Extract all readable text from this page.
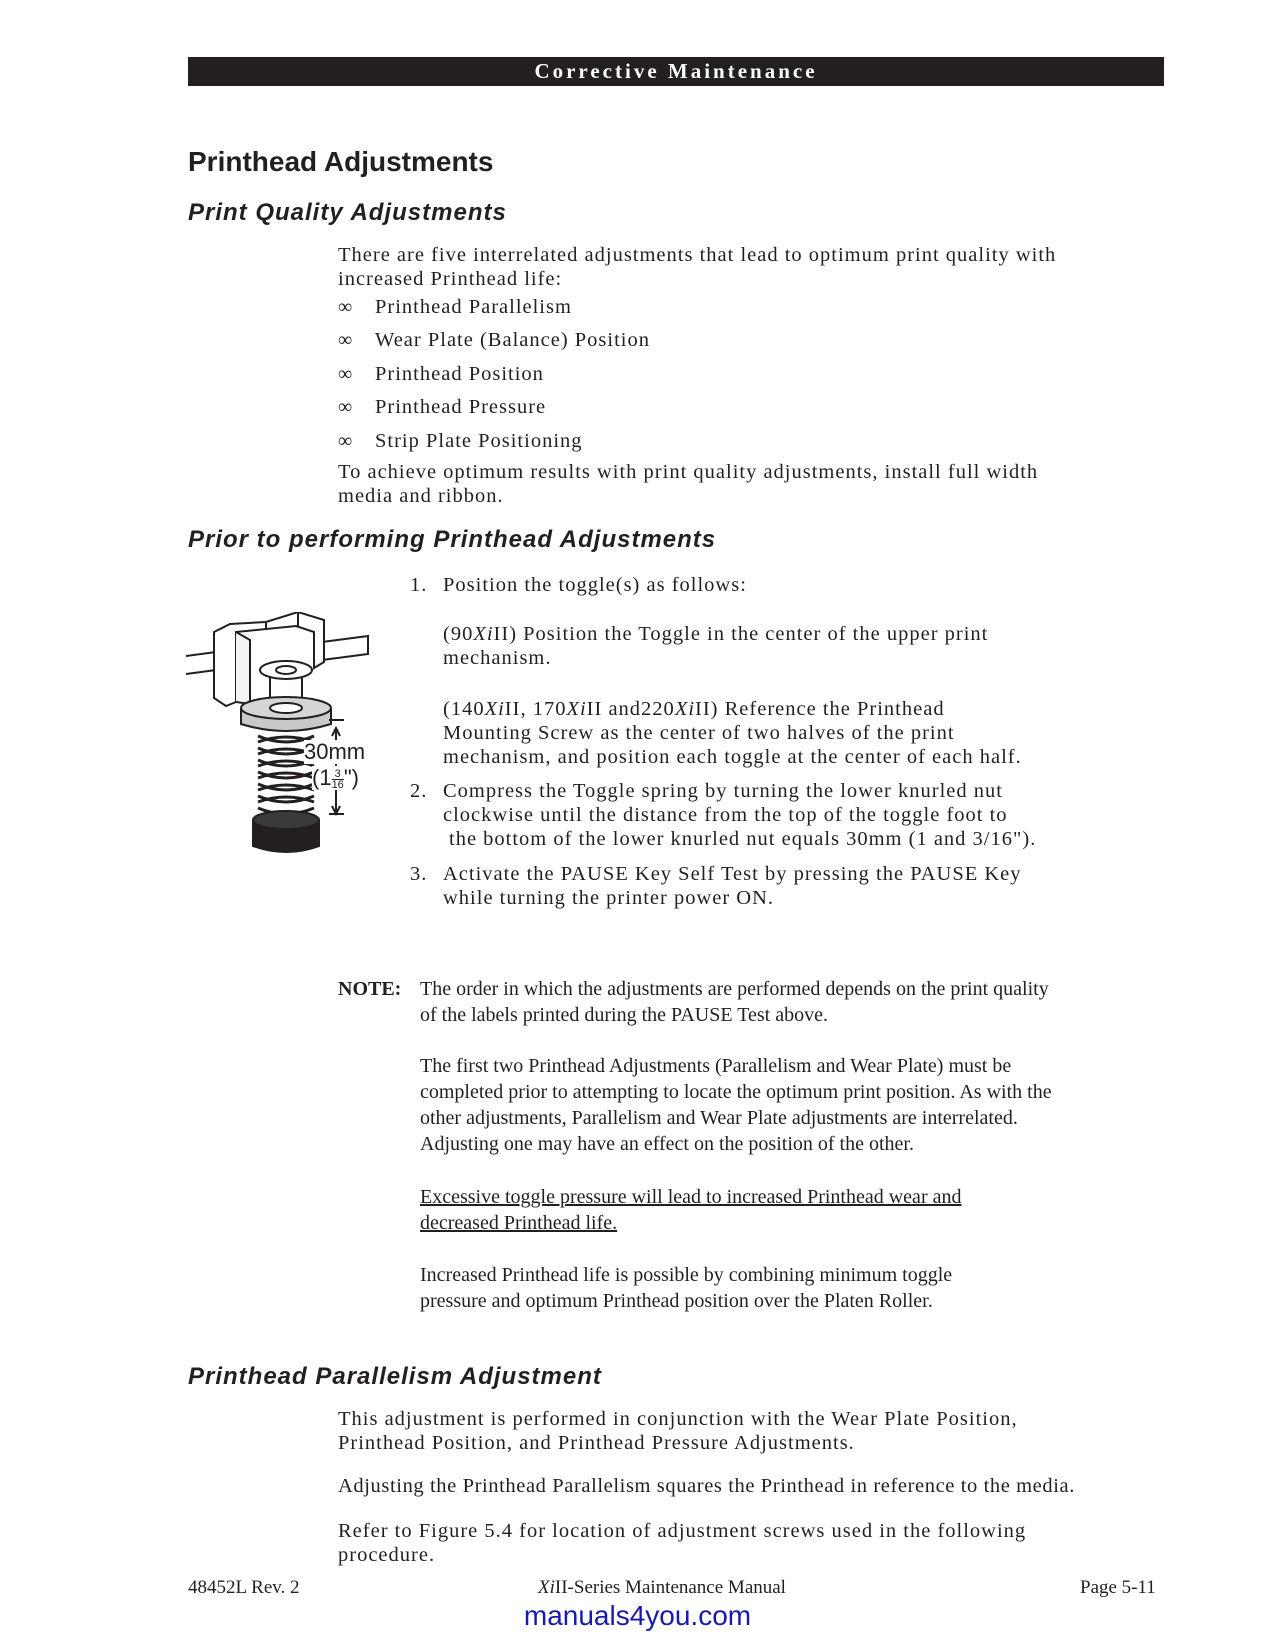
Corrective Maintenance
Printhead Adjustments
Print Quality Adjustments
There are five interrelated adjustments that lead to optimum print quality with
increased Printhead life:
∞ Printhead Parallelism
∞ Wear Plate (Balance) Position
∞ Printhead Position
∞ Printhead Pressure
∞ Strip Plate Positioning
To achieve optimum results with print quality adjustments, install full width
media and ribbon.
Prior to performing Printhead Adjustments
1. Position the toggle(s) as follows:
(90XiII) Position the Toggle in the center of the upper print
mechanism.
(140XiII, 170XiII and220XiII) Reference the Printhead
Mounting Screw as the center of two halves of the print
mechanism, and position each toggle at the center of each half.
2. Compress the Toggle spring by turning the lower knurled nut
clockwise until the distance from the top of the toggle foot to
the bottom of the lower knurled nut equals 30mm (1 and 3/16").
3. Activate the PAUSE Key Self Test by pressing the PAUSE Key
while turning the printer power ON.
30mm
($1 \frac{3}{16}$ ")
NOTE: The order in which the adjustments are performed depends on the print quality
of the labels printed during the PAUSE Test above.
The first two Printhead Adjustments (Parallelism and Wear Plate) must be
completed prior to attempting to locate the optimum print position. As with the
other adjustments, Parallelism and Wear Plate adjustments are interrelated.
Adjusting one may have an effect on the position of the other.
Excessive toggle pressure will lead to increased Printhead wear and
decreased Printhead life.
Increased Printhead life is possible by combining minimum toggle
pressure and optimum Printhead position over the Platen Roller.
Printhead Parallelism Adjustment
This adjustment is performed in conjunction with the Wear Plate Position,
Printhead Position, and Printhead Pressure Adjustments.
Adjusting the Printhead Parallelism squares the Printhead in reference to the media.
Refer to Figure 5.4 for location of adjustment screws used in the following
procedure.
48452L Rev. 2	XiII-Series Maintenance Manual	Page 5-11
manuals4you.com
